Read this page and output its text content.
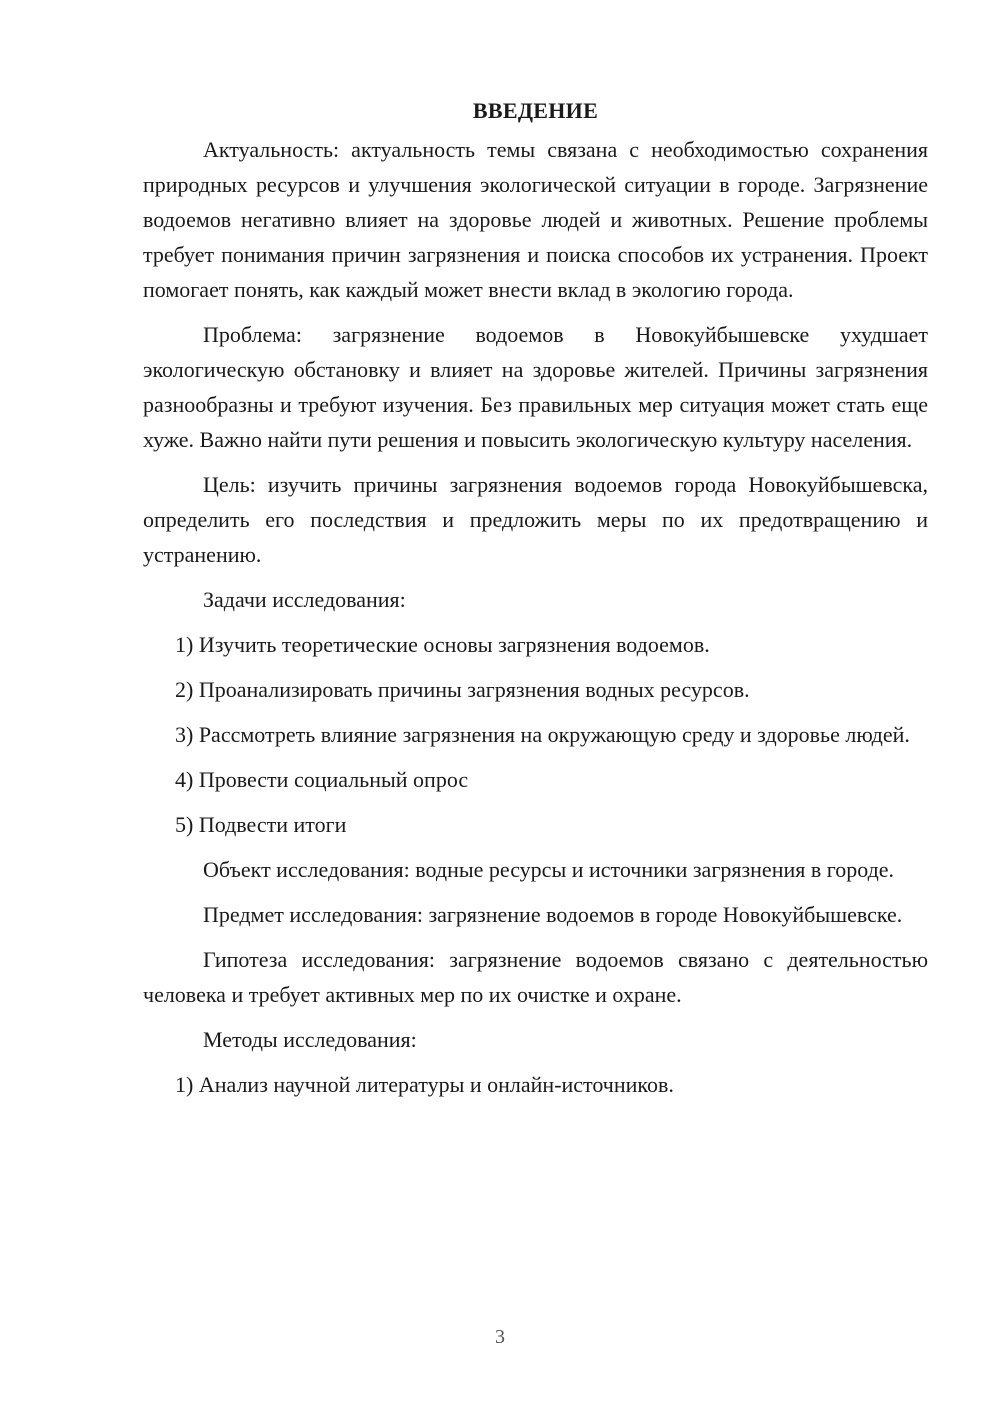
ВВЕДЕНИЕ

Актуальность: актуальность темы связана с необходимостью сохранения природных ресурсов и улучшения экологической ситуации в городе. Загрязнение водоемов негативно влияет на здоровье людей и животных. Решение проблемы требует понимания причин загрязнения и поиска способов их устранения. Проект помогает понять, как каждый может внести вклад в экологию города.

Проблема: загрязнение водоемов в Новокуйбышевске ухудшает экологическую обстановку и влияет на здоровье жителей. Причины загрязнения разнообразны и требуют изучения. Без правильных мер ситуация может стать еще хуже. Важно найти пути решения и повысить экологическую культуру населения.

Цель: изучить причины загрязнения водоемов города Новокуйбышевска, определить его последствия и предложить меры по их предотвращению и устранению.

Задачи исследования:

1) Изучить теоретические основы загрязнения водоемов.

2) Проанализировать причины загрязнения водных ресурсов.

3) Рассмотреть влияние загрязнения на окружающую среду и здоровье людей.

4) Провести социальный опрос

5) Подвести итоги

Объект исследования: водные ресурсы и источники загрязнения в городе.

Предмет исследования: загрязнение водоемов в городе Новокуйбышевске.

Гипотеза исследования: загрязнение водоемов связано с деятельностью человека и требует активных мер по их очистке и охране.

Методы исследования:

1) Анализ научной литературы и онлайн-источников.

3
